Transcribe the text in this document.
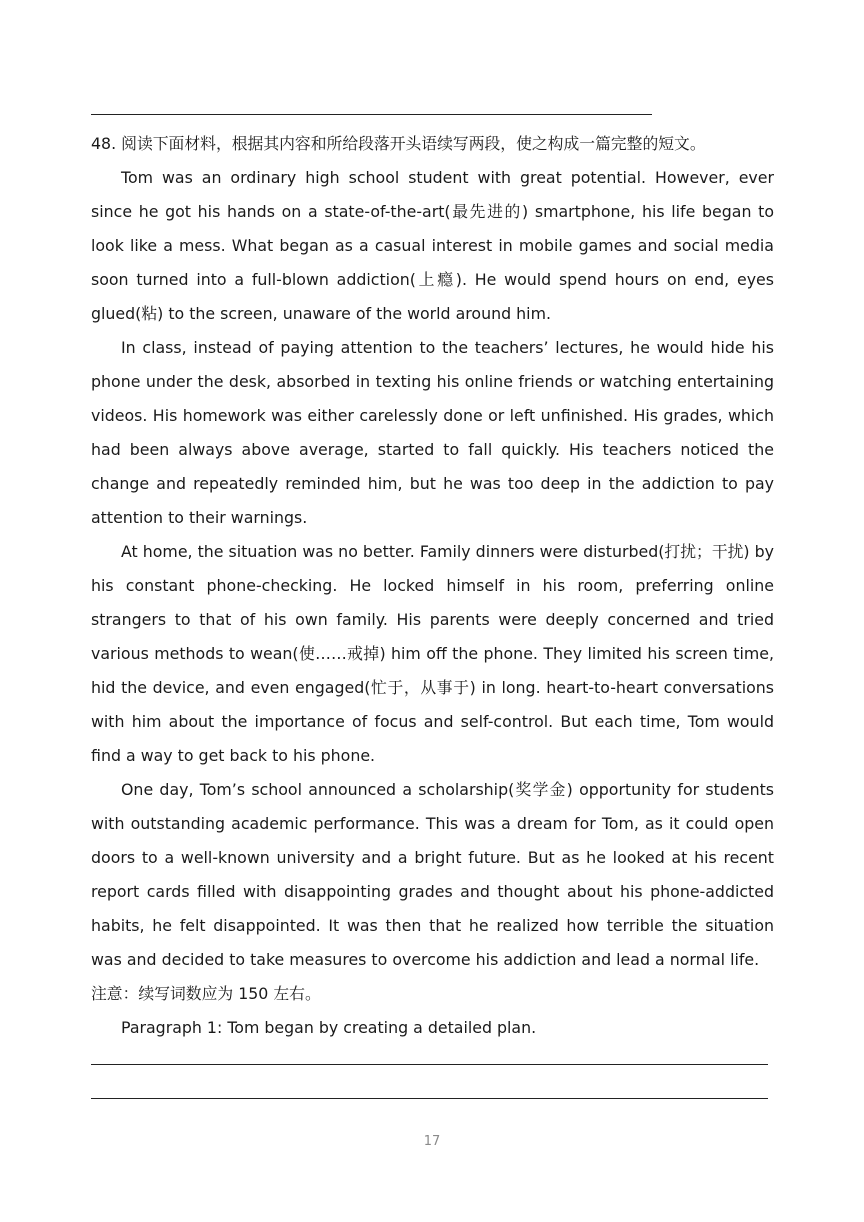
48. 阅读下面材料，根据其内容和所给段落开头语续写两段，使之构成一篇完整的短文。

Tom was an ordinary high school student with great potential. However, ever since he got his hands on a state-of-the-art(最先进的) smartphone, his life began to look like a mess. What began as a casual interest in mobile games and social media soon turned into a full-blown addiction(上瘾). He would spend hours on end, eyes glued(粘) to the screen, unaware of the world around him.

In class, instead of paying attention to the teachers’ lectures, he would hide his phone under the desk, absorbed in texting his online friends or watching entertaining videos. His homework was either carelessly done or left unfinished. His grades, which had been always above average, started to fall quickly. His teachers noticed the change and repeatedly reminded him, but he was too deep in the addiction to pay attention to their warnings.

At home, the situation was no better. Family dinners were disturbed(打扰；干扰) by his constant phone-checking. He locked himself in his room, preferring online strangers to that of his own family. His parents were deeply concerned and tried various methods to wean(使……戒掉) him off the phone. They limited his screen time, hid the device, and even engaged(忙于，从事于) in long. heart-to-heart conversations with him about the importance of focus and self-control. But each time, Tom would find a way to get back to his phone.

One day, Tom’s school announced a scholarship(奖学金) opportunity for students with outstanding academic performance. This was a dream for Tom, as it could open doors to a well-known university and a bright future. But as he looked at his recent report cards filled with disappointing grades and thought about his phone-addicted habits, he felt disappointed. It was then that he realized how terrible the situation was and decided to take measures to overcome his addiction and lead a normal life.

注意：续写词数应为 150 左右。

Paragraph 1: Tom began by creating a detailed plan.

17
